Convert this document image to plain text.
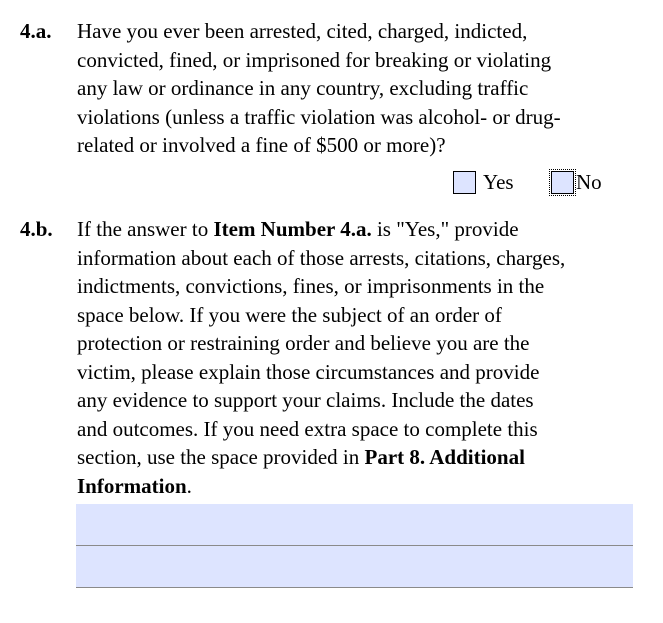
4.a. Have you ever been arrested, cited, charged, indicted,
convicted, fined, or imprisoned for breaking or violating
any law or ordinance in any country, excluding traffic
violations (unless a traffic violation was alcohol- or drug-
related or involved a fine of $500 or more)?
Yes	No
4.b. If the answer to Item Number 4.a. is "Yes," provide
information about each of those arrests, citations, charges,
indictments, convictions, fines, or imprisonments in the
space below. If you were the subject of an order of
protection or restraining order and believe you are the
victim, please explain those circumstances and provide
any evidence to support your claims. Include the dates
and outcomes. If you need extra space to complete this
section, use the space provided in Part 8. Additional
Information.
